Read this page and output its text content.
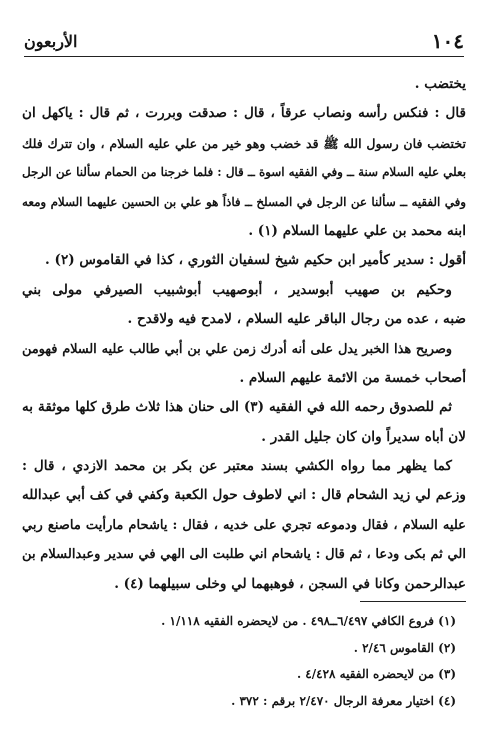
١٠٤
الأربعون
يختضب .
قال : فنكس رأسه ونصاب عرقاً ، قال : صدقت وبررت ، ثم قال : ياكهل ان
تختضب فان رسول الله ﷺ قد خضب وهو خير من علي عليه السلام ، وان تترك فلك
بعلي عليه السلام سنة ــ وفي الفقيه اسوة ــ قال : فلما خرجنا من الحمام سألنا عن الرجل
وفي الفقيه ــ سألنا عن الرجل في المسلخ ــ فاذاً هو علي بن الحسين عليهما السلام ومعه
ابنه محمد بن علي عليهما السلام (١) .
أقول : سدير كأمير ابن حكيم شيخ لسفيان الثوري ، كذا في القاموس (٢) .
وحكيم بن صهيب أبوسدير ، أبوصهيب أبوشبيب الصيرفي مولى بني
ضبه ، عده من رجال الباقر عليه السلام ، لامدح فيه ولاقدح .
وصريح هذا الخبر يدل على أنه أدرك زمن علي بن أبي طالب عليه السلام فهومن
أصحاب خمسة من الائمة عليهم السلام .
ثم للصدوق رحمه الله في الفقيه (٣) الى حنان هذا ثلاث طرق كلها موثقة به
لان أباه سديراً وان كان جليل القدر .
كما يظهر مما رواه الكشي بسند معتبر عن بكر بن محمد الازدي ، قال :
وزعم لي زيد الشحام قال : اني لاطوف حول الكعبة وكفي في كف أبي عبدالله
عليه السلام ، فقال ودموعه تجري على خديه ، فقال : ياشحام مارأيت ماصنع ربي
الي ثم بكى ودعا ، ثم قال : ياشحام اني طلبت الى الهي في سدير وعبدالسلام بن
عبدالرحمن وكانا في السجن ، فوهبهما لي وخلى سبيلهما (٤) .
(١) فروع الكافي ٦/٤٩٧ــ٤٩٨ . من لايحضره الفقيه ١/١١٨ .
(٢) القاموس ٢/٤٦ .
(٣) من لايحضره الفقيه ٤/٤٢٨ .
(٤) اختيار معرفة الرجال ٢/٤٧٠ برقم : ٣٧٢ .
